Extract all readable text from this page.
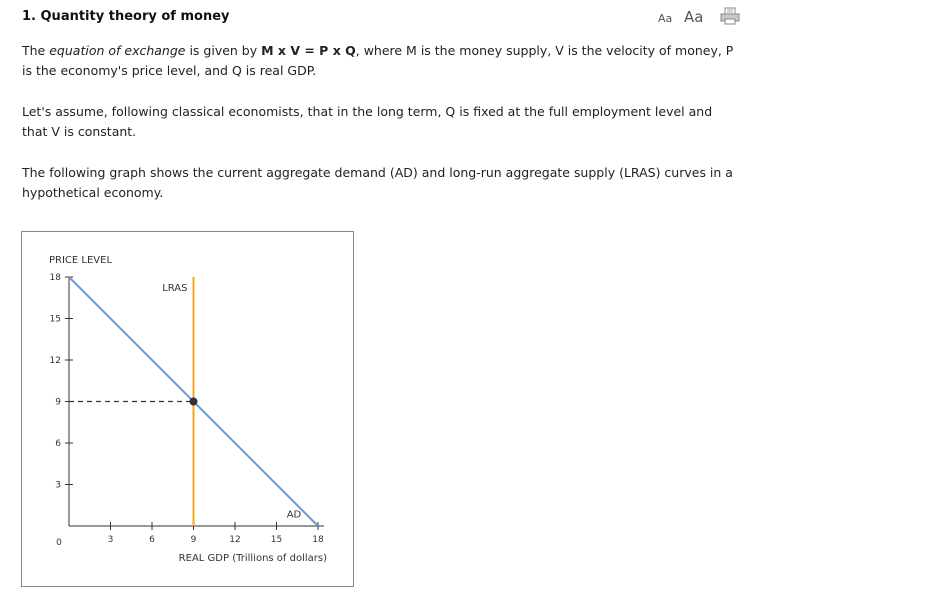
1. Quantity theory of money	Aa Aa

The equation of exchange is given by M x V = P x Q, where M is the money supply, V is the velocity of money, P is the economy's price level, and Q is real GDP.

Let's assume, following classical economists, that in the long term, Q is fixed at the full employment level and that V is constant.

The following graph shows the current aggregate demand (AD) and long-run aggregate supply (LRAS) curves in a hypothetical economy.

PRICE LEVEL
REAL GDP (Trillions of dollars)
0
18
15
12
9
6
3
3	6	9	12	15	18
LRAS
AD
